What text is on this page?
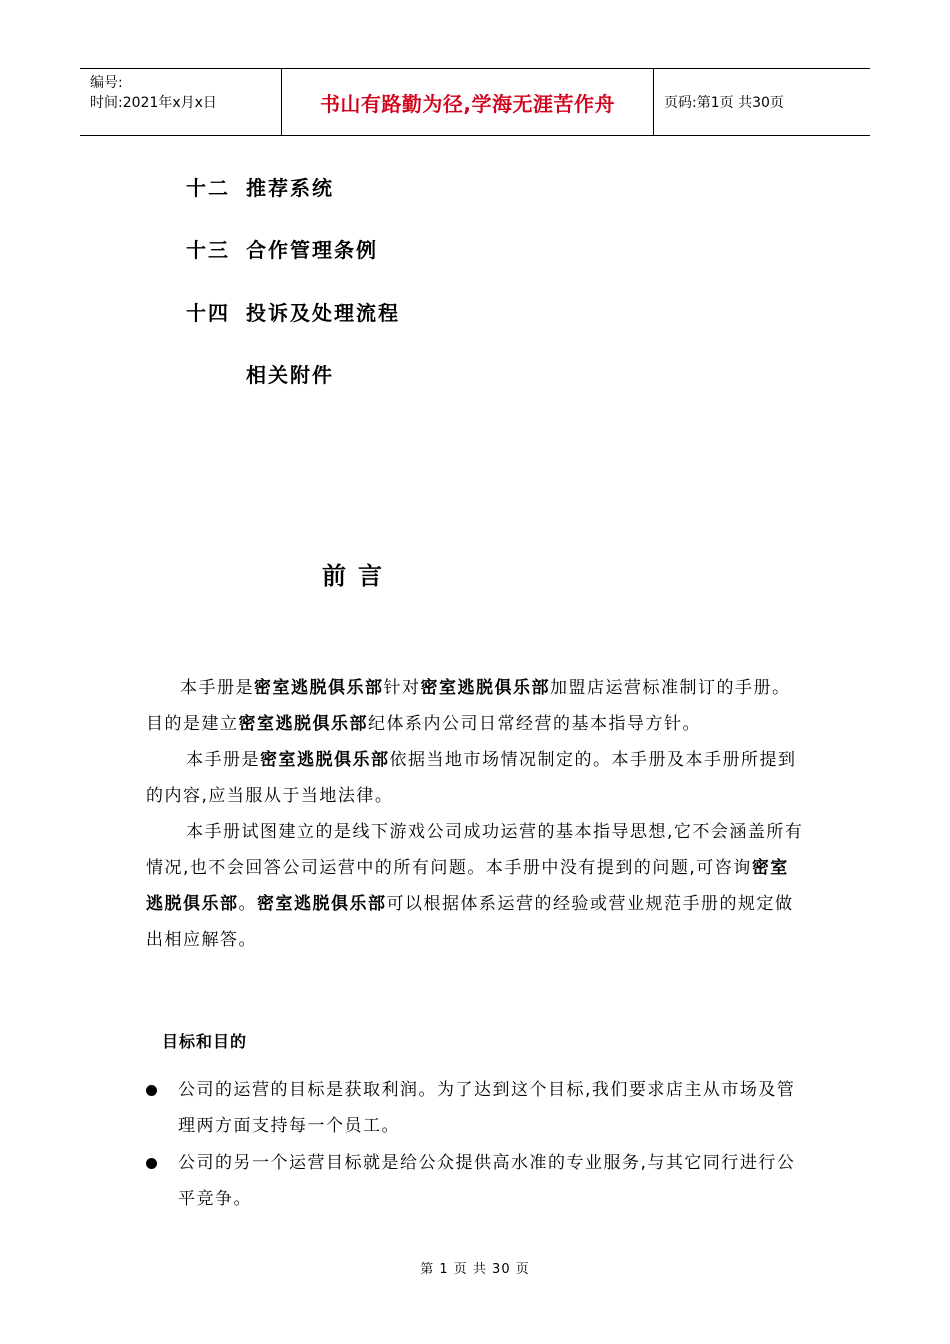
编号:
时间:2021年x月x日	书山有路勤为径,学海无涯苦作舟	页码:第1页 共30页
十二 推荐系统
十三 合作管理条例
十四 投诉及处理流程
相关附件
前言

本手册是密室逃脱俱乐部针对密室逃脱俱乐部加盟店运营标准制订的手册。目的是建立密室逃脱俱乐部纪体系内公司日常经营的基本指导方针。

本手册是密室逃脱俱乐部依据当地市场情况制定的。本手册及本手册所提到的内容,应当服从于当地法律。

本手册试图建立的是线下游戏公司成功运营的基本指导思想,它不会涵盖所有情况,也不会回答公司运营中的所有问题。本手册中没有提到的问题,可咨询密室逃脱俱乐部。密室逃脱俱乐部可以根据体系运营的经验或营业规范手册的规定做出相应解答。

目标和目的
公司的运营的目标是获取利润。为了达到这个目标,我们要求店主从市场及管理两方面支持每一个员工。
公司的另一个运营目标就是给公众提供高水准的专业服务,与其它同行进行公平竞争。
第 1 页 共 30 页
